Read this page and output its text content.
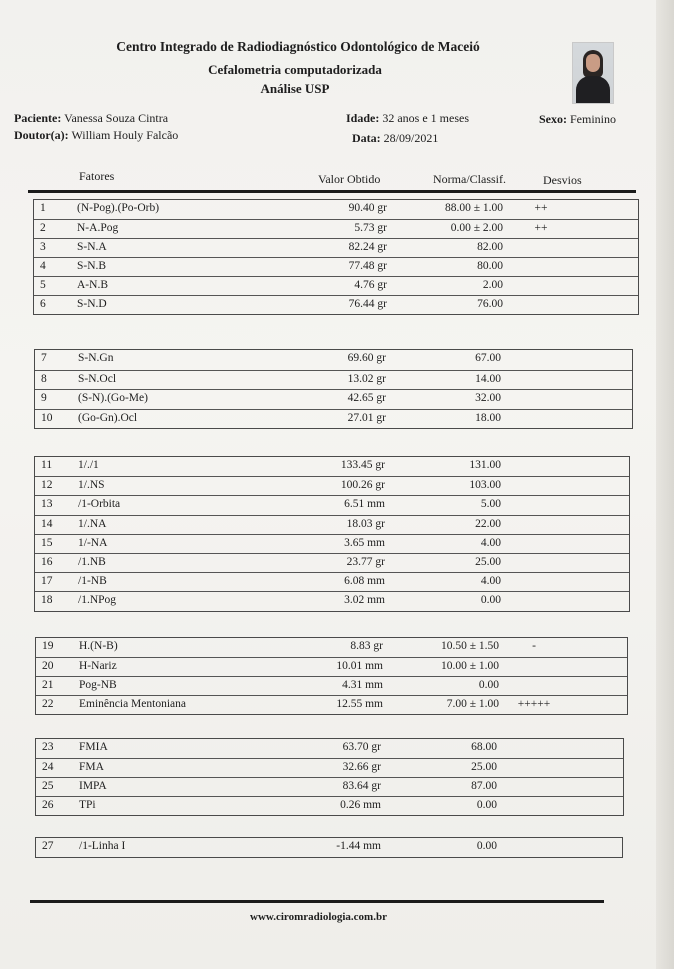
Centro Integrado de Radiodiagnóstico Odontológico de Maceió
Cefalometria computadorizada
Análise USP
Paciente: Vanessa Souza Cintra	Idade: 32 anos e 1 meses	Sexo: Feminino
Doutor(a): William Houly Falcão	Data: 28/09/2021
Fatores	Valor Obtido	Norma/Classif.	Desvios
1	(N-Pog).(Po-Orb)	90.40 gr	88.00 ± 1.00	++
2	N-A.Pog	5.73 gr	0.00 ± 2.00	++
3	S-N.A	82.24 gr	82.00
4	S-N.B	77.48 gr	80.00
5	A-N.B	4.76 gr	2.00
6	S-N.D	76.44 gr	76.00
7	S-N.Gn	69.60 gr	67.00
8	S-N.Ocl	13.02 gr	14.00
9	(S-N).(Go-Me)	42.65 gr	32.00
10 (Go-Gn).Ocl	27.01 gr	18.00
11 1/./1	133.45 gr	131.00
12 1/.NS	100.26 gr	103.00
13 /1-Orbita	6.51 mm	5.00
14 1/.NA	18.03 gr	22.00
15 1/-NA	3.65 mm	4.00
16 /1.NB	23.77 gr	25.00
17 /1-NB	6.08 mm	4.00
18 /1.NPog	3.02 mm	0.00
19 H.(N-B)	8.83 gr	10.50 ± 1.50	-
20 H-Nariz	10.01 mm	10.00 ± 1.00
21 Pog-NB	4.31 mm	0.00
22 Eminência Mentoniana	12.55 mm	7.00 ± 1.00	+++++
23 FMIA	63.70 gr	68.00
24 FMA	32.66 gr	25.00
25 IMPA	83.64 gr	87.00
26 TPi	0.26 mm	0.00
27 /1-Linha I	-1.44 mm	0.00
www.ciromradiologia.com.br
